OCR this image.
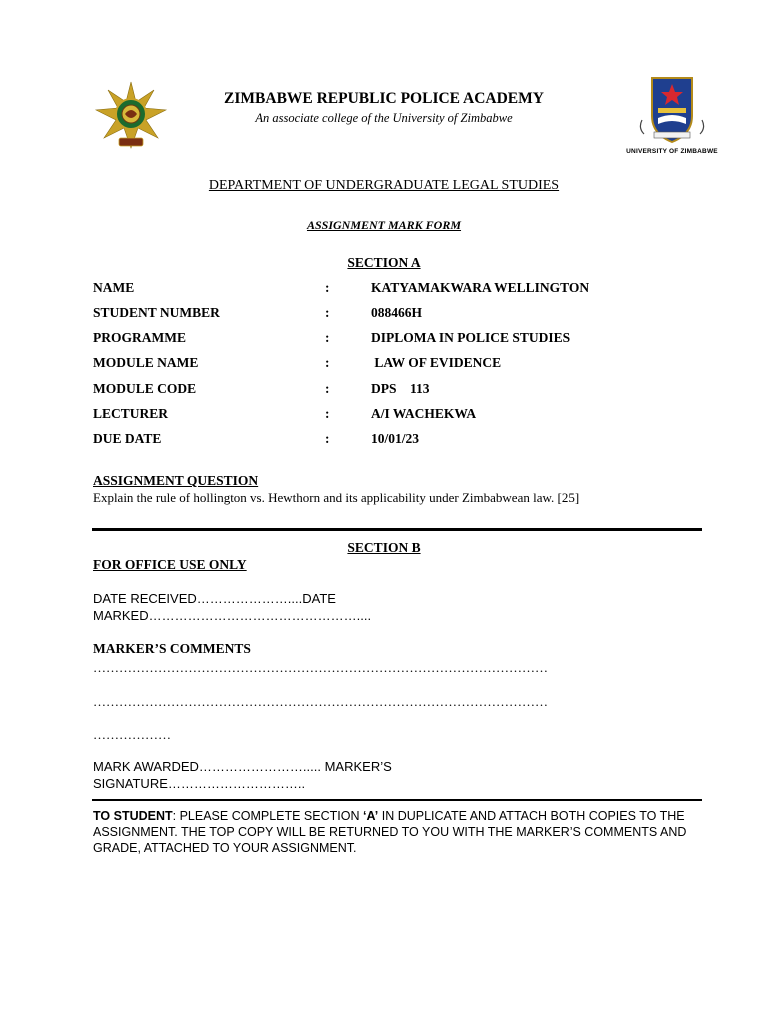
UNIVERSITY OF ZIMBABWE
ZIMBABWE REPUBLIC POLICE ACADEMY
An associate college of the University of Zimbabwe
DEPARTMENT OF UNDERGRADUATE LEGAL STUDIES
ASSIGNMENT MARK FORM
SECTION A
NAME	:	KATYAMAKWARA WELLINGTON
STUDENT NUMBER	:	088466H
PROGRAMME	:	DIPLOMA IN POLICE STUDIES
MODULE NAME	:	LAW OF EVIDENCE
MODULE CODE	:	DPS    113
LECTURER	:	A/I WACHEKWA
DUE DATE	:	10/01/23
ASSIGNMENT QUESTION
Explain the rule of hollington vs. Hewthorn and its applicability under Zimbabwean law. [25]
SECTION B
FOR OFFICE USE ONLY
DATE RECEIVED…………………....DATE
MARKED…………………………………………....
MARKER’S COMMENTS
……………………………………………………………………………………………
……………………………………………………………………………………………
………………
MARK AWARDED……………………..... MARKER’S
SIGNATURE…………………………..
TO STUDENT: PLEASE COMPLETE SECTION ‘A’ IN DUPLICATE AND ATTACH BOTH COPIES TO THE ASSIGNMENT. THE TOP COPY WILL BE RETURNED TO YOU WITH THE MARKER’S COMMENTS AND GRADE, ATTACHED TO YOUR ASSIGNMENT.
